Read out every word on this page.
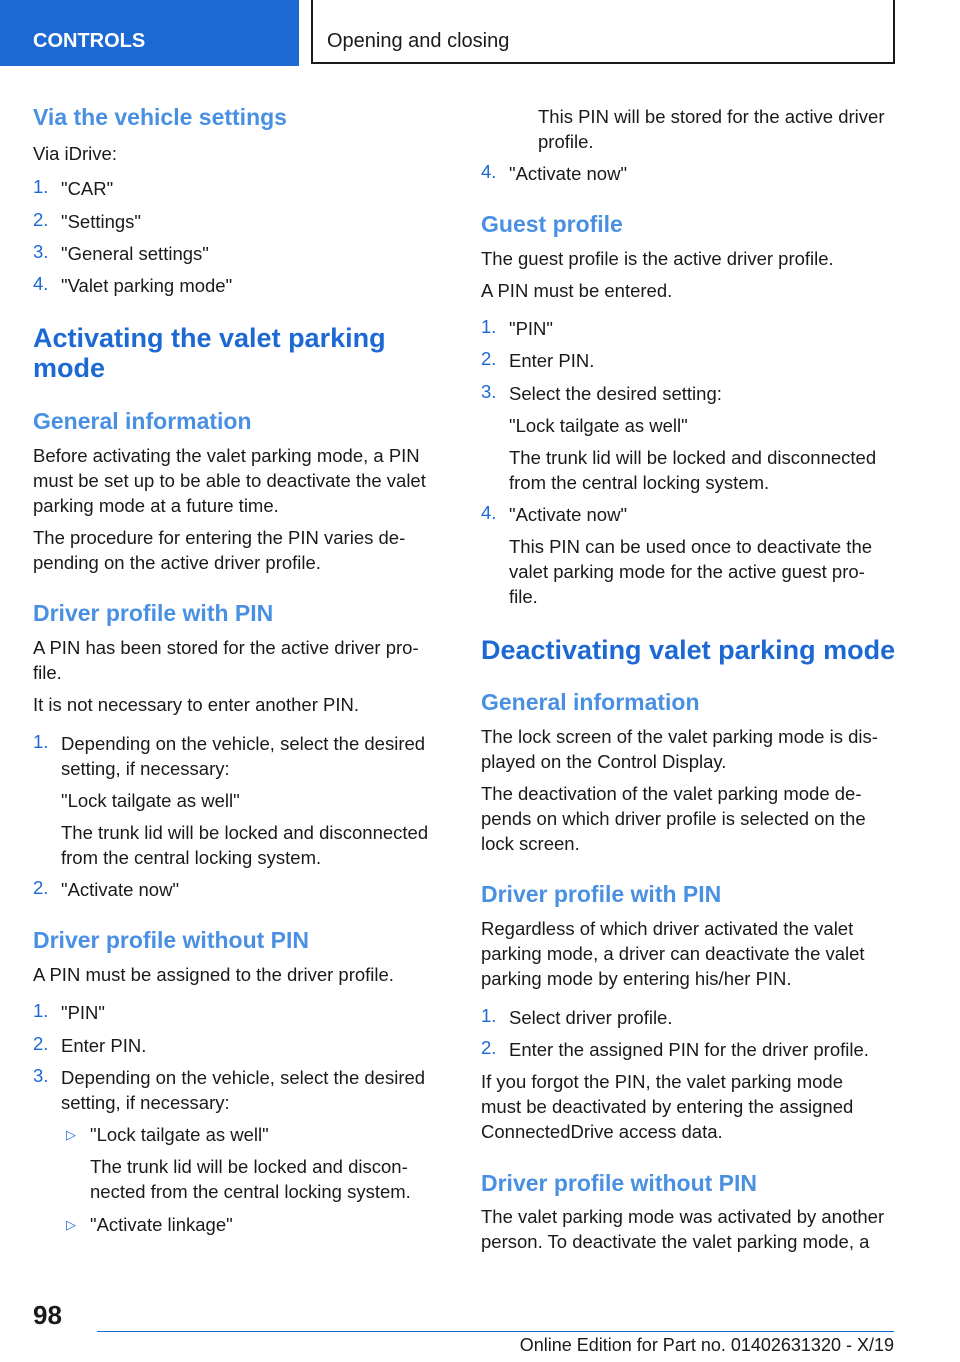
CONTROLS	Opening and closing
Via the vehicle settings
Via iDrive:
1. "CAR"
2. "Settings"
3. "General settings"
4. "Valet parking mode"
Activating the valet parking
mode
General information
Before activating the valet parking mode, a PIN
must be set up to be able to deactivate the valet
parking mode at a future time.
The procedure for entering the PIN varies de-
pending on the active driver profile.
Driver profile with PIN
A PIN has been stored for the active driver pro-
file.
It is not necessary to enter another PIN.
1. Depending on the vehicle, select the desired
setting, if necessary:
"Lock tailgate as well"
The trunk lid will be locked and disconnected
from the central locking system.
2. "Activate now"
Driver profile without PIN
A PIN must be assigned to the driver profile.
1. "PIN"
2. Enter PIN.
3. Depending on the vehicle, select the desired
setting, if necessary:
▷ "Lock tailgate as well"
The trunk lid will be locked and discon-
nected from the central locking system.
▷ "Activate linkage"
This PIN will be stored for the active driver
profile.
4. "Activate now"
Guest profile
The guest profile is the active driver profile.
A PIN must be entered.
1. "PIN"
2. Enter PIN.
3. Select the desired setting:
"Lock tailgate as well"
The trunk lid will be locked and disconnected
from the central locking system.
4. "Activate now"
This PIN can be used once to deactivate the
valet parking mode for the active guest pro-
file.
Deactivating valet parking mode
General information
The lock screen of the valet parking mode is dis-
played on the Control Display.
The deactivation of the valet parking mode de-
pends on which driver profile is selected on the
lock screen.
Driver profile with PIN
Regardless of which driver activated the valet
parking mode, a driver can deactivate the valet
parking mode by entering his/her PIN.
1. Select driver profile.
2. Enter the assigned PIN for the driver profile.
If you forgot the PIN, the valet parking mode
must be deactivated by entering the assigned
ConnectedDrive access data.
Driver profile without PIN
The valet parking mode was activated by another
person. To deactivate the valet parking mode, a
98
Online Edition for Part no. 01402631320 - X/19
